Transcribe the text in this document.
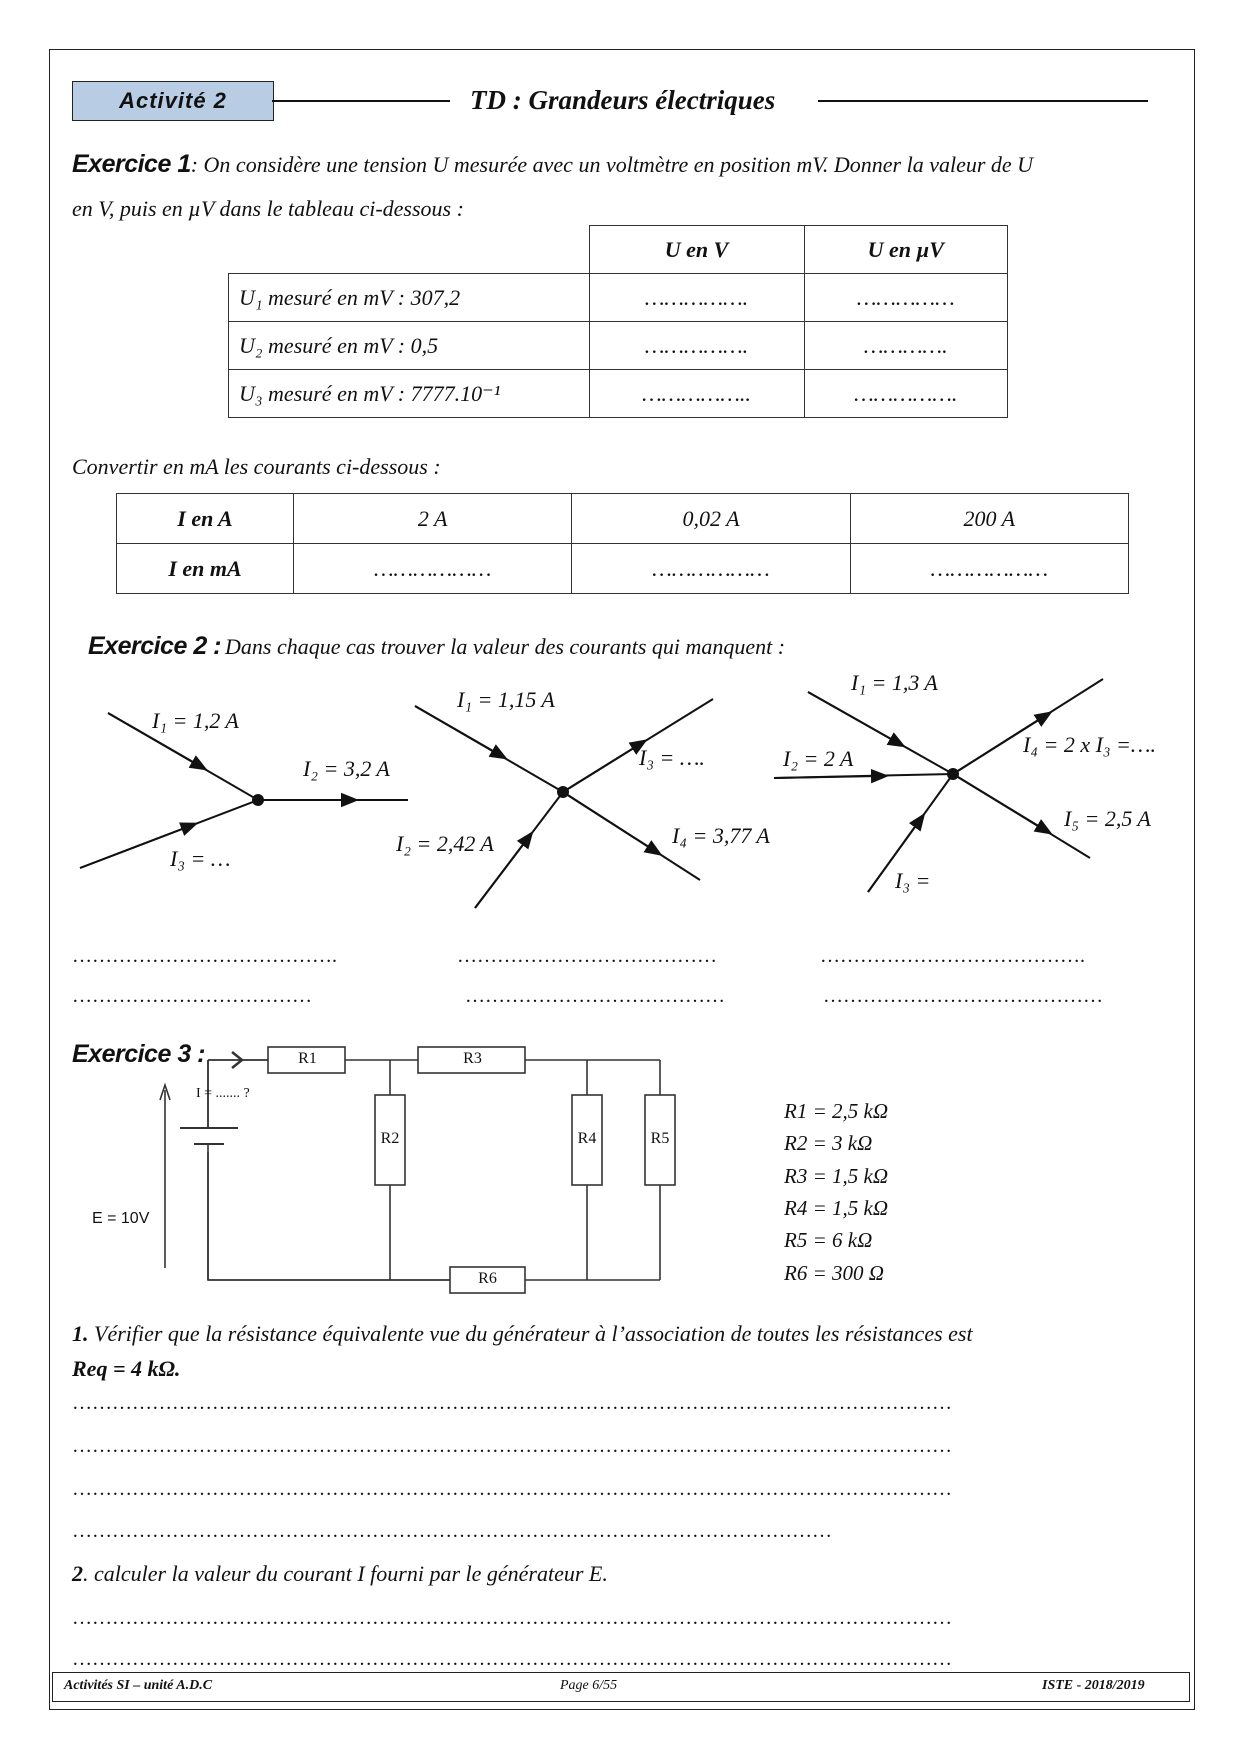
Activité 2	TD : Grandeurs électriques
Exercice 1: On considère une tension U mesurée avec un voltmètre en position mV. Donner la valeur de U
en V, puis en µV dans le tableau ci-dessous :
	U en V	U en µV
U₁ mesuré en mV : 307,2	…………….	……………
U₂ mesuré en mV : 0,5	…………….	………….
U₃ mesuré en mV : 7777.10⁻¹	……………..	…………….
Convertir en mA les courants ci-dessous :
I en A	2 A	0,02 A	200 A
I en mA	………………	………………	………………
Exercice 2 : Dans chaque cas trouver la valeur des courants qui manquent :
I₁ = 1,2 A
I₂ = 3,2 A
I₃ = …
I₁ = 1,15 A
I₃ = ….
I₂ = 2,42 A	I₄ = 3,77 A
I₁ = 1,3 A
I₂ = 2 A
I₄ = 2 x I₃ =….
I₅ = 2,5 A
I₃ =
………………………………….	…………………………………	………………………………….
………………………………	…………………………………	……………………………………
Exercice 3 :
I = ....... ?
E = 10V
R1
R2
R3
R4	R5
R6
R1 = 2,5 kΩ
R2 = 3 kΩ
R3 = 1,5 kΩ
R4 = 1,5 kΩ
R5 = 6 kΩ
R6 = 300 Ω
1. Vérifier que la résistance équivalente vue du générateur à l’association de toutes les résistances est
Req = 4 kΩ.
……………………………………………………………………………………………………………………
……………………………………………………………………………………………………………………
……………………………………………………………………………………………………………………
……………………………………………………………………………………………………
2. calculer la valeur du courant I fourni par le générateur E.
……………………………………………………………………………………………………………………
……………………………………………………………………………………………………………………
Activités SI – unité A.D.C	Page 6/55	ISTE - 2018/2019
